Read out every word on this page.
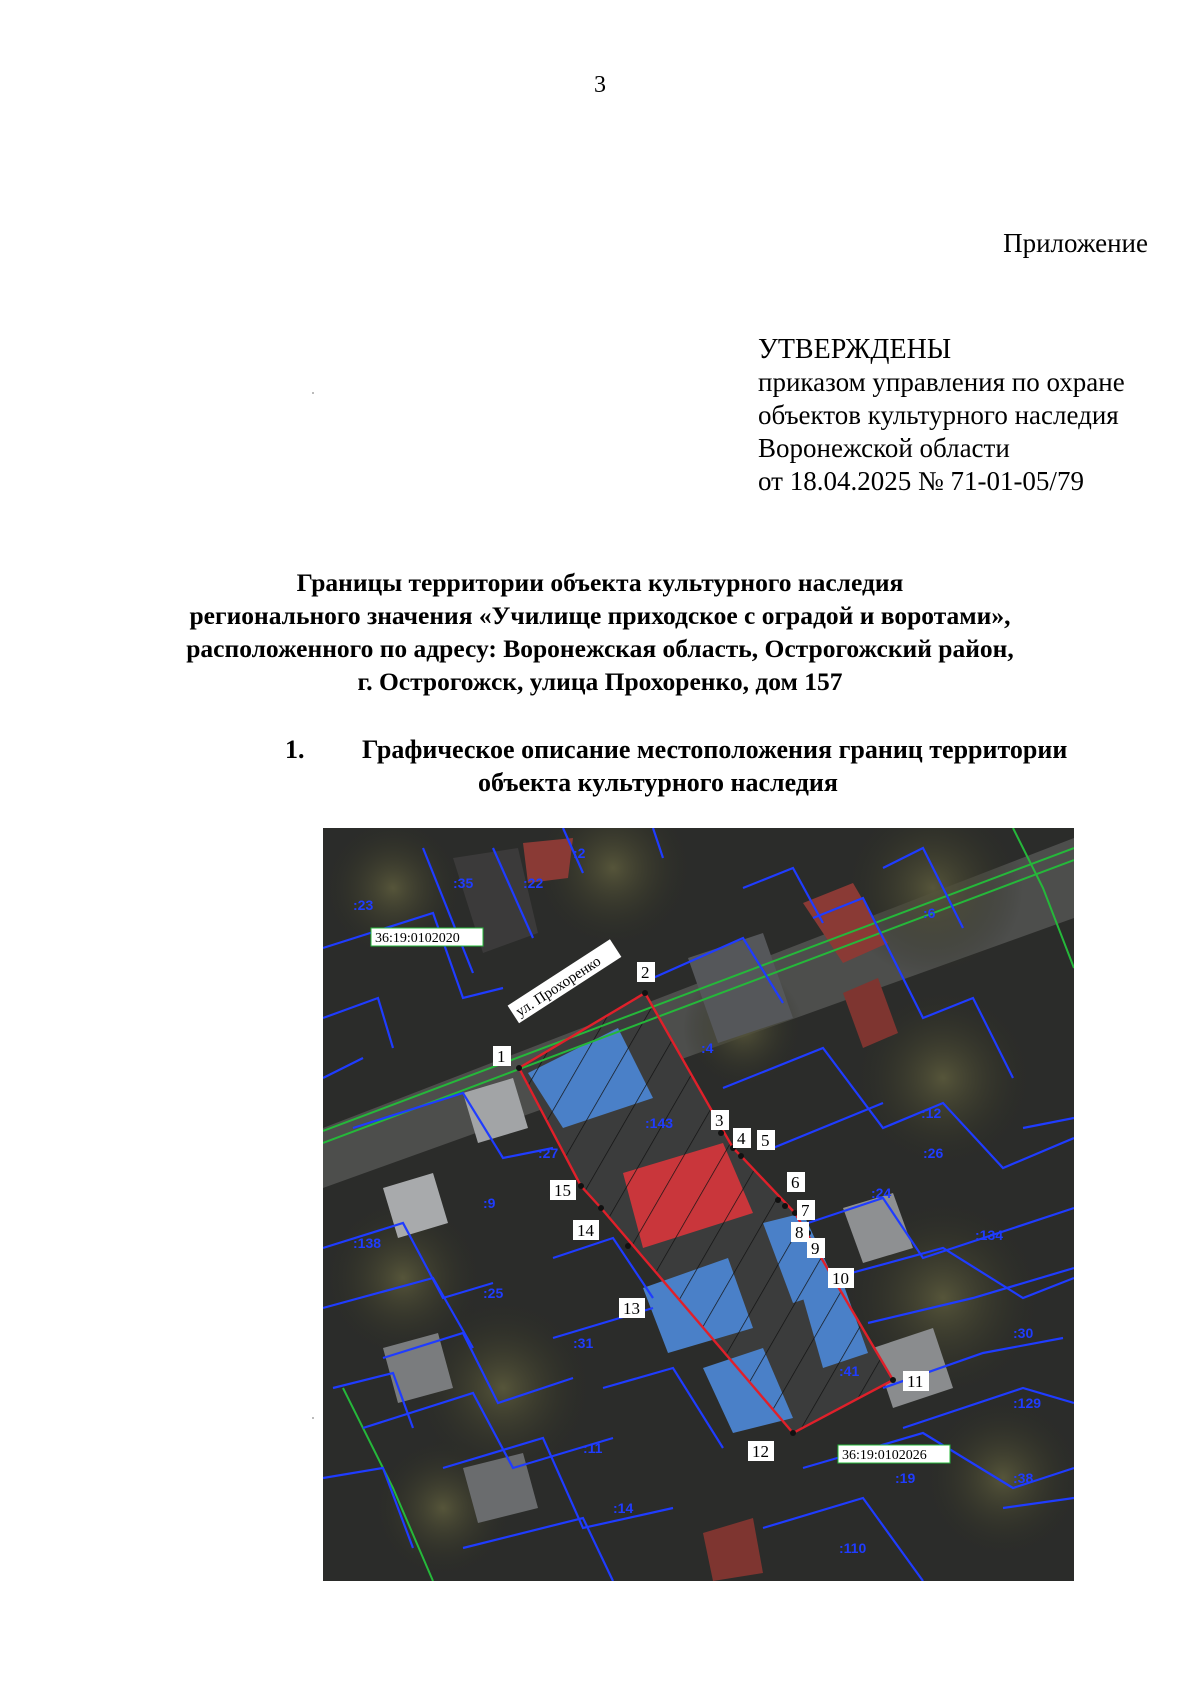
3
Приложение
УТВЕРЖДЕНЫ
приказом управления по охране
объектов культурного наследия
Воронежской области
от 18.04.2025 № 71-01-05/79
Границы территории объекта культурного наследия
регионального значения «Училище приходское с оградой и воротами»,
расположенного по адресу: Воронежская область, Острогожский район,
г. Острогожск, улица Прохоренко, дом 157
1. Графическое описание местоположения границ территории
объекта культурного наследия
ул. Прохоренко
36:19:0102020
36:19:0102026
1
2
3
4 5
6
7
8
9
10
11
12
13
14
15
:143
:41
:35	:22
:23
:2
:12
:6
:138	:134
:129
:110
:38
:25
:19
:11
:14
:24
:27	:26
:30
:4
:31
:9
